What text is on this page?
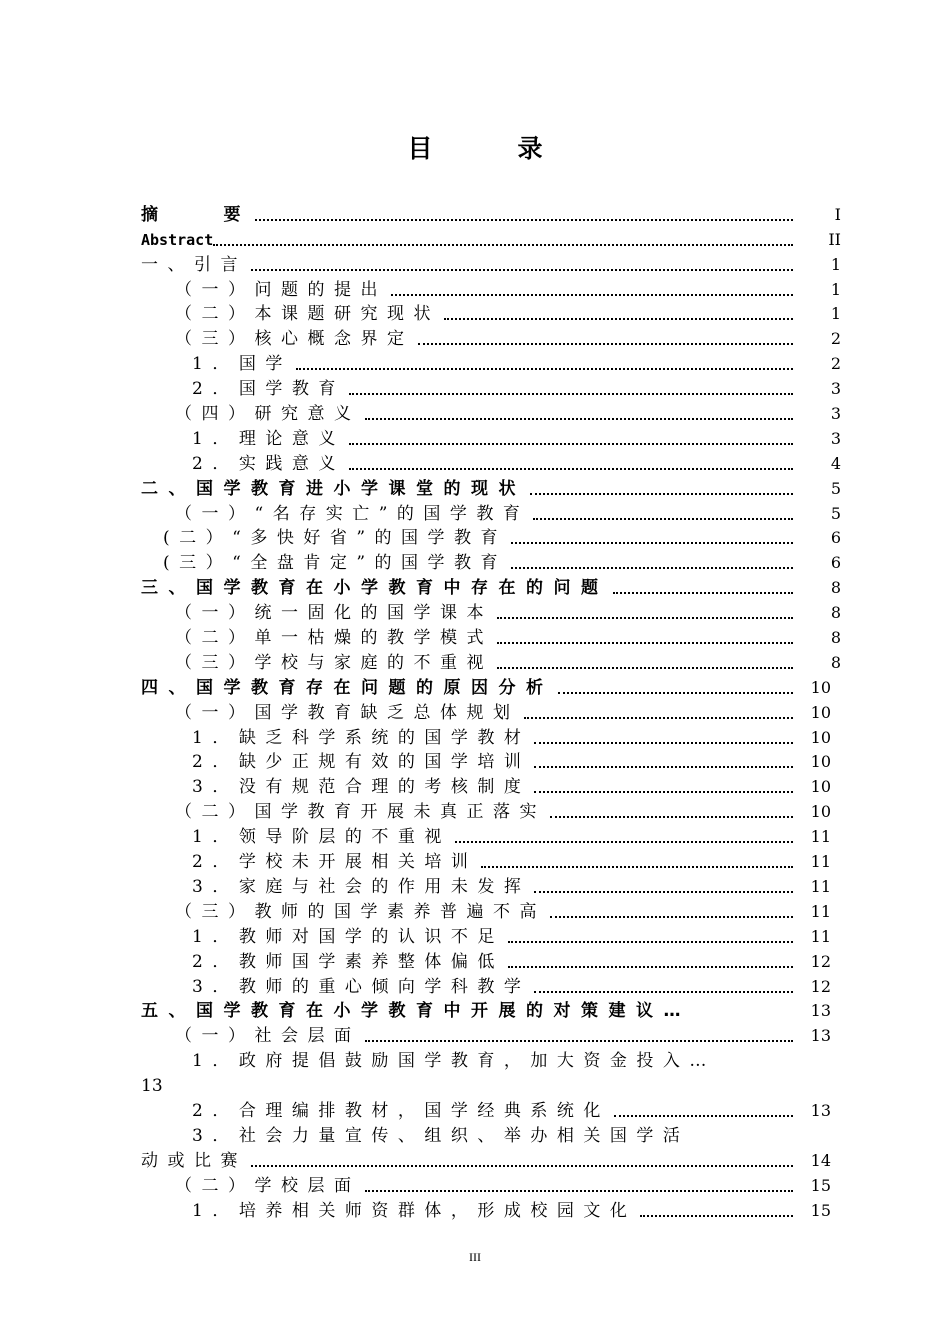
目　录
摘　　要	I
Abstract	II
一、引言	1
（一）问题的提出	1
（二）本课题研究现状	1
（三）核心概念界定	2
1．国学	2
2．国学教育	3
（四）研究意义	3
1．理论意义	3
2．实践意义	4
二、国学教育进小学课堂的现状	5
（一）“名存实亡”的国学教育	5
(二）“多快好省”的国学教育	6
(三）“全盘肯定”的国学教育	6
三、国学教育在小学教育中存在的问题	8
（一）统一固化的国学课本	8
（二）单一枯燥的教学模式	8
（三）学校与家庭的不重视	8
四、国学教育存在问题的原因分析	10
（一）国学教育缺乏总体规划	10
1．缺乏科学系统的国学教材	10
2．缺少正规有效的国学培训	10
3．没有规范合理的考核制度	10
（二）国学教育开展未真正落实	10
1．领导阶层的不重视	11
2．学校未开展相关培训	11
3．家庭与社会的作用未发挥	11
（三）教师的国学素养普遍不高	11
1．教师对国学的认识不足	11
2．教师国学素养整体偏低	12
3．教师的重心倾向学科教学	12
五、国学教育在小学教育中开展的对策建议…	13
（一）社会层面	13
1．政府提倡鼓励国学教育，加大资金投入…
13
2．合理编排教材，国学经典系统化	13
3．社会力量宣传、组织、举办相关国学活
动或比赛	14
（二）学校层面	15
1．培养相关师资群体，形成校园文化	15
III
